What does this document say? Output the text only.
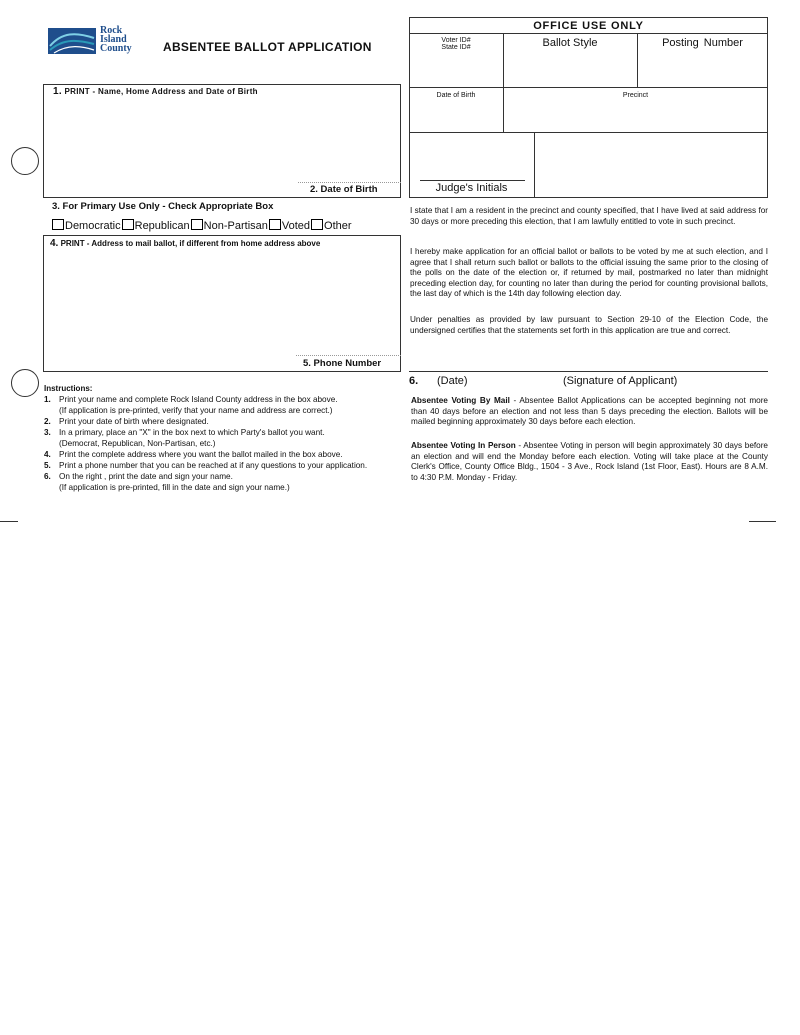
Rock
Island
County	ABSENTEE BALLOT APPLICATION
OFFICE USE ONLY
Voter ID#
State ID#	Ballot Style	Posting Number
Date of Birth	Precinct
Judge's Initials
1. PRINT - Name, Home Address and Date of Birth
2. Date of Birth
3. For Primary Use Only - Check Appropriate Box
Democratic Republican Non-Partisan Voted Other
4. PRINT - Address to mail ballot, if different from home address above
5. Phone Number
I state that I am a resident in the precinct and county specified, that I have lived at said address for 30 days or more preceding this election, that I am lawfully entitled to vote in such precinct.
I hereby make application for an official ballot or ballots to be voted by me at such election, and I agree that I shall return such ballot or ballots to the official issuing the same prior to the closing of the polls on the date of the election or, if returned by mail, postmarked no later than midnight preceding election day, for counting no later than during the period for counting provisional ballots, the last day of which is the 14th day following election day.
Under penalties as provided by law pursuant to Section 29-10 of the Election Code, the undersigned certifies that the statements set forth in this application are true and correct.
6. (Date)	(Signature of Applicant)
Absentee Voting By Mail - Absentee Ballot Applications can be accepted beginning not more than 40 days before an election and not less than 5 days preceding the election. Ballots will be mailed beginning approximately 30 days before each election.
Absentee Voting In Person - Absentee Voting in person will begin approximately 30 days before an election and will end the Monday before each election. Voting will take place at the County Clerk's Office, County Office Bldg., 1504 - 3 Ave., Rock Island (1st Floor, East). Hours are 8 A.M. to 4:30 P.M. Monday - Friday.
Instructions:
1. Print your name and complete Rock Island County address in the box above.
(If application is pre-printed, verify that your name and address are correct.)
2. Print your date of birth where designated.
3. In a primary, place an "X" in the box next to which Party's ballot you want.
(Democrat, Republican, Non-Partisan, etc.)
4. Print the complete address where you want the ballot mailed in the box above.
5. Print a phone number that you can be reached at if any questions to your application.
6. On the right , print the date and sign your name.
(If application is pre-printed, fill in the date and sign your name.)
